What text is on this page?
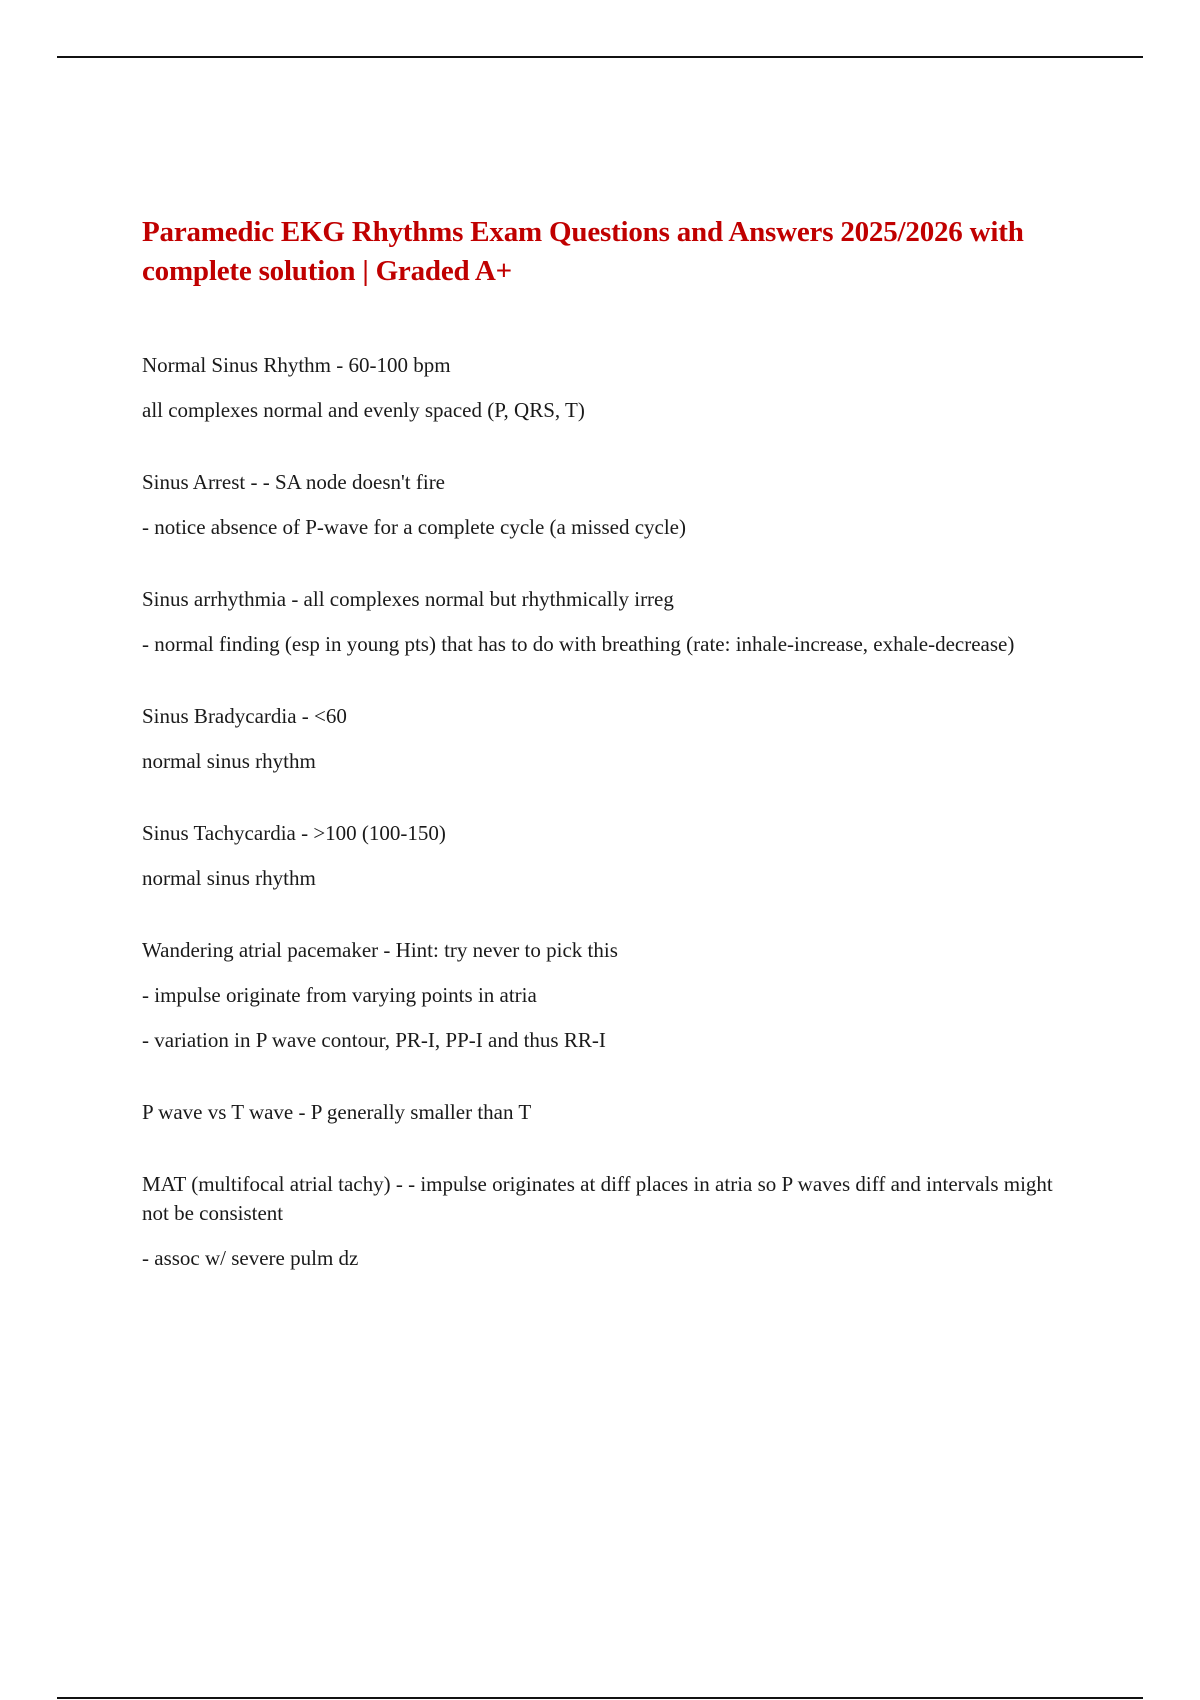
Paramedic EKG Rhythms Exam Questions and Answers 2025/2026 with complete solution | Graded A+

Normal Sinus Rhythm - 60-100 bpm

all complexes normal and evenly spaced (P, QRS, T)

Sinus Arrest - - SA node doesn't fire

- notice absence of P-wave for a complete cycle (a missed cycle)

Sinus arrhythmia - all complexes normal but rhythmically irreg

- normal finding (esp in young pts) that has to do with breathing (rate: inhale-increase, exhale-decrease)

Sinus Bradycardia - <60

normal sinus rhythm

Sinus Tachycardia - >100 (100-150)

normal sinus rhythm

Wandering atrial pacemaker - Hint: try never to pick this

- impulse originate from varying points in atria

- variation in P wave contour, PR-I, PP-I and thus RR-I

P wave vs T wave - P generally smaller than T

MAT (multifocal atrial tachy) - - impulse originates at diff places in atria so P waves diff and intervals might not be consistent

- assoc w/ severe pulm dz
